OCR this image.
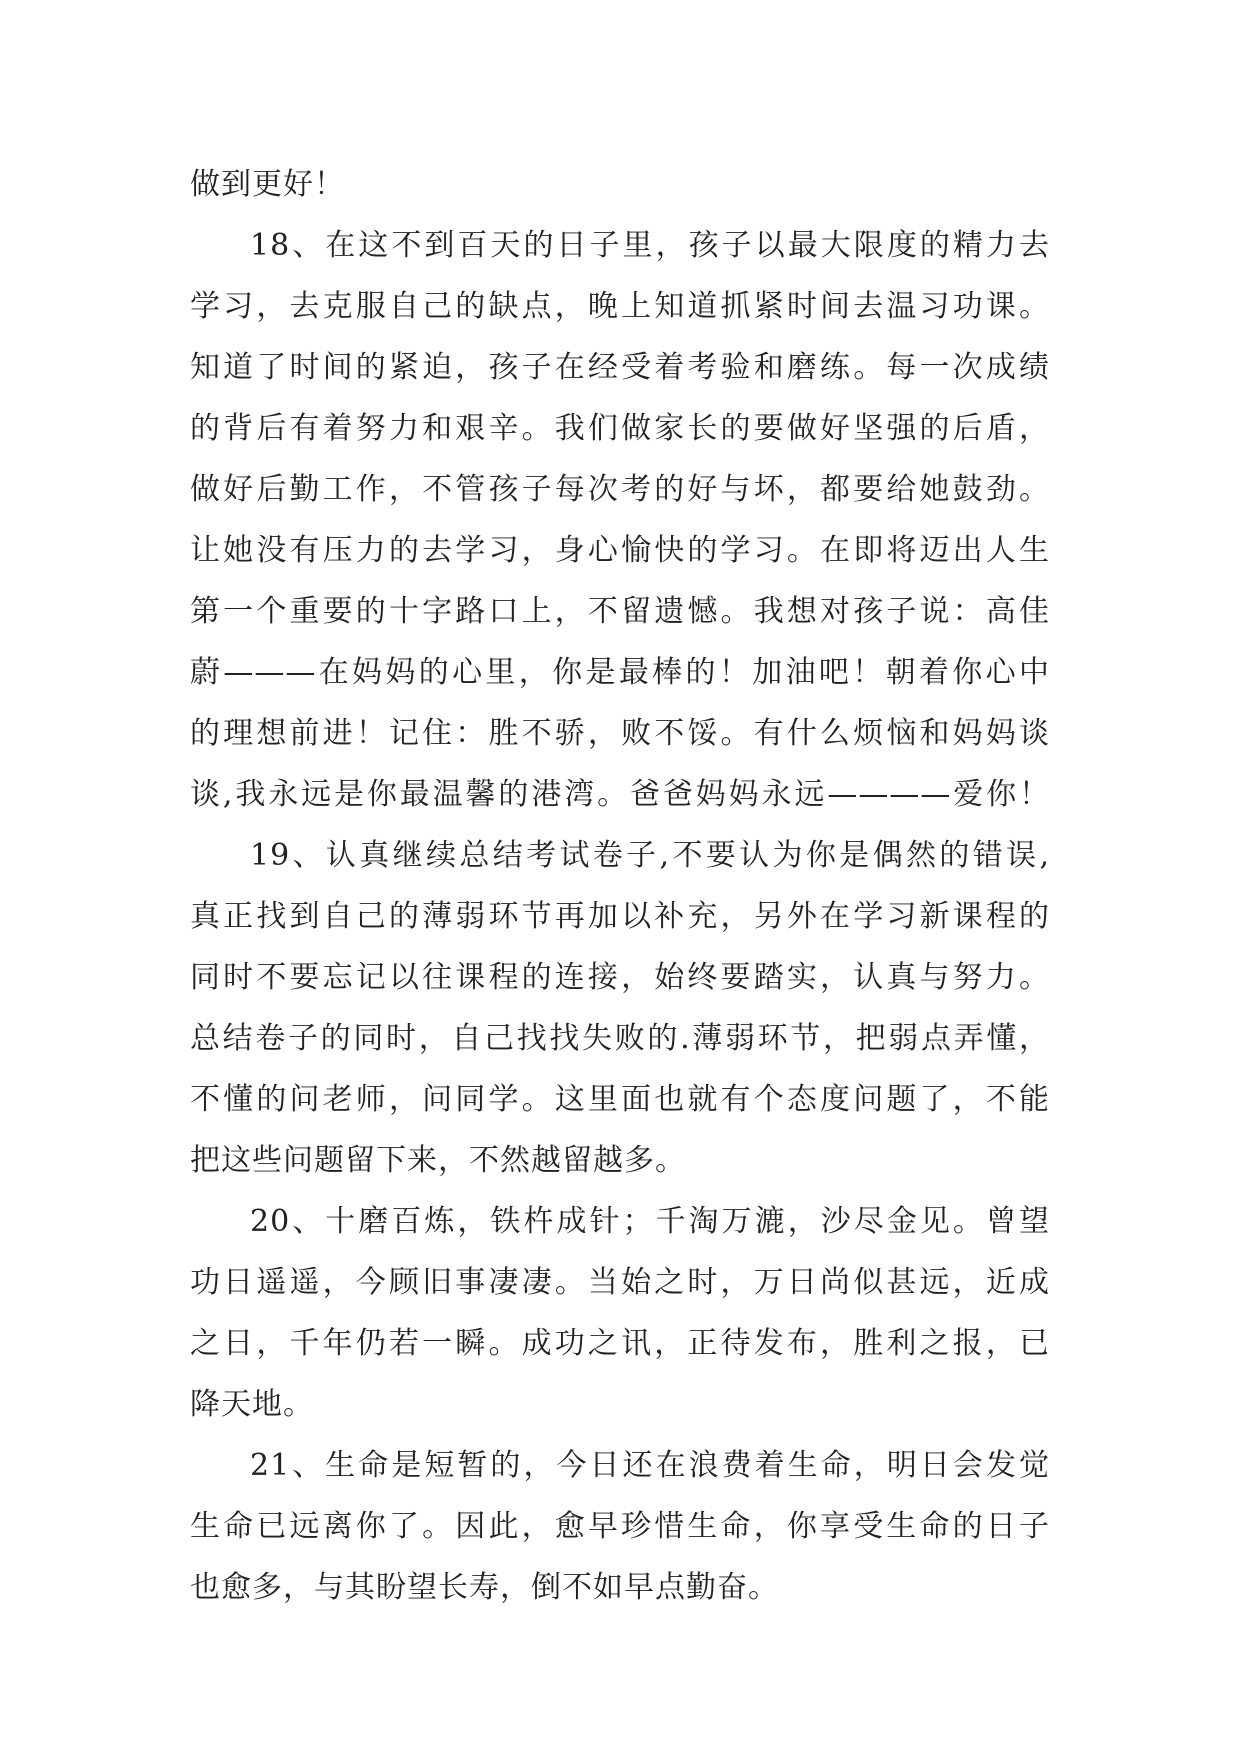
做到更好！
18、在这不到百天的日子里，孩子以最大限度的精力去
学习，去克服自己的缺点，晚上知道抓紧时间去温习功课。
知道了时间的紧迫，孩子在经受着考验和磨练。每一次成绩
的背后有着努力和艰辛。我们做家长的要做好坚强的后盾，
做好后勤工作，不管孩子每次考的好与坏，都要给她鼓劲。
让她没有压力的去学习，身心愉快的学习。在即将迈出人生
第一个重要的十字路口上，不留遗憾。我想对孩子说：高佳
蔚———在妈妈的心里，你是最棒的！加油吧！朝着你心中
的理想前进！记住：胜不骄，败不馁。有什么烦恼和妈妈谈
谈,我永远是你最温馨的港湾。爸爸妈妈永远————爱你！
19、认真继续总结考试卷子,不要认为你是偶然的错误,
真正找到自己的薄弱环节再加以补充，另外在学习新课程的
同时不要忘记以往课程的连接，始终要踏实，认真与努力。
总结卷子的同时，自己找找失败的.薄弱环节，把弱点弄懂，
不懂的问老师，问同学。这里面也就有个态度问题了，不能
把这些问题留下来，不然越留越多。
20、十磨百炼，铁杵成针；千淘万漉，沙尽金见。曾望
功日遥遥，今顾旧事凄凄。当始之时，万日尚似甚远，近成
之日，千年仍若一瞬。成功之讯，正待发布，胜利之报，已
降天地。
21、生命是短暂的，今日还在浪费着生命，明日会发觉
生命已远离你了。因此，愈早珍惜生命，你享受生命的日子
也愈多，与其盼望长寿，倒不如早点勤奋。
